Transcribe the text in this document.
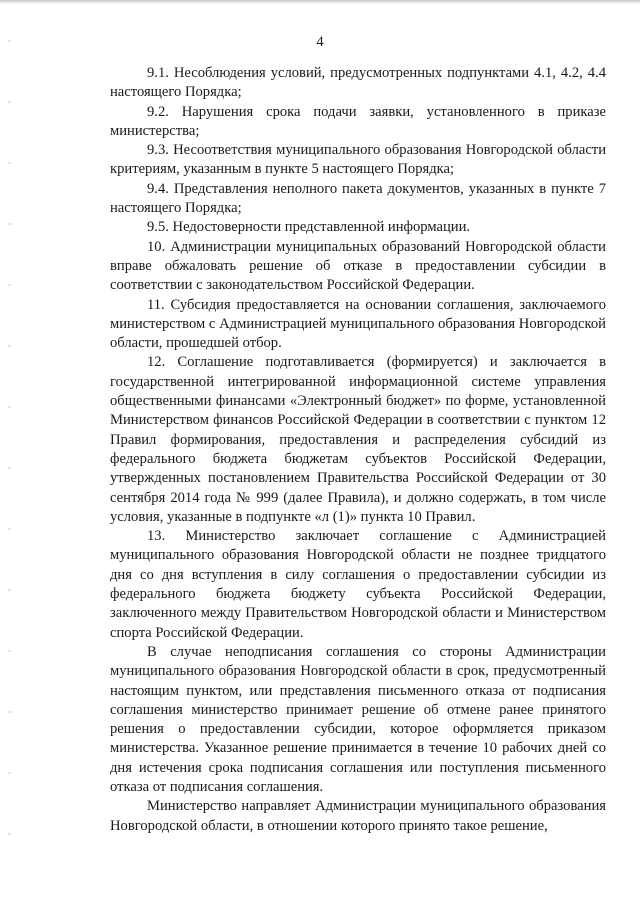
4

9.1. Несоблюдения условий, предусмотренных подпунктами 4.1, 4.2, 4.4 настоящего Порядка;

9.2. Нарушения срока подачи заявки, установленного в приказе министерства;

9.3. Несоответствия муниципального образования Новгородской области критериям, указанным в пункте 5 настоящего Порядка;

9.4. Представления неполного пакета документов, указанных в пункте 7 настоящего Порядка;

9.5. Недостоверности представленной информации.

10. Администрации муниципальных образований Новгородской области вправе обжаловать решение об отказе в предоставлении субсидии в соответствии с законодательством Российской Федерации.

11. Субсидия предоставляется на основании соглашения, заключаемого министерством с Администрацией муниципального образования Новгородской области, прошедшей отбор.

12. Соглашение подготавливается (формируется) и заключается в государственной интегрированной информационной системе управления общественными финансами «Электронный бюджет» по форме, установленной Министерством финансов Российской Федерации в соответствии с пунктом 12 Правил формирования, предоставления и распределения субсидий из федерального бюджета бюджетам субъектов Российской Федерации, утвержденных постановлением Правительства Российской Федерации от 30 сентября 2014 года № 999 (далее Правила), и должно содержать, в том числе условия, указанные в подпункте «л (1)» пункта 10 Правил.

13. Министерство заключает соглашение с Администрацией муниципального образования Новгородской области не позднее тридцатого дня со дня вступления в силу соглашения о предоставлении субсидии из федерального бюджета бюджету субъекта Российской Федерации, заключенного между Правительством Новгородской области и Министерством спорта Российской Федерации.

В случае неподписания соглашения со стороны Администрации муниципального образования Новгородской области в срок, предусмотренный настоящим пунктом, или представления письменного отказа от подписания соглашения министерство принимает решение об отмене ранее принятого решения о предоставлении субсидии, которое оформляется приказом министерства. Указанное решение принимается в течение 10 рабочих дней со дня истечения срока подписания соглашения или поступления письменного отказа от подписания соглашения.

Министерство направляет Администрации муниципального образования Новгородской области, в отношении которого принято такое решение,
